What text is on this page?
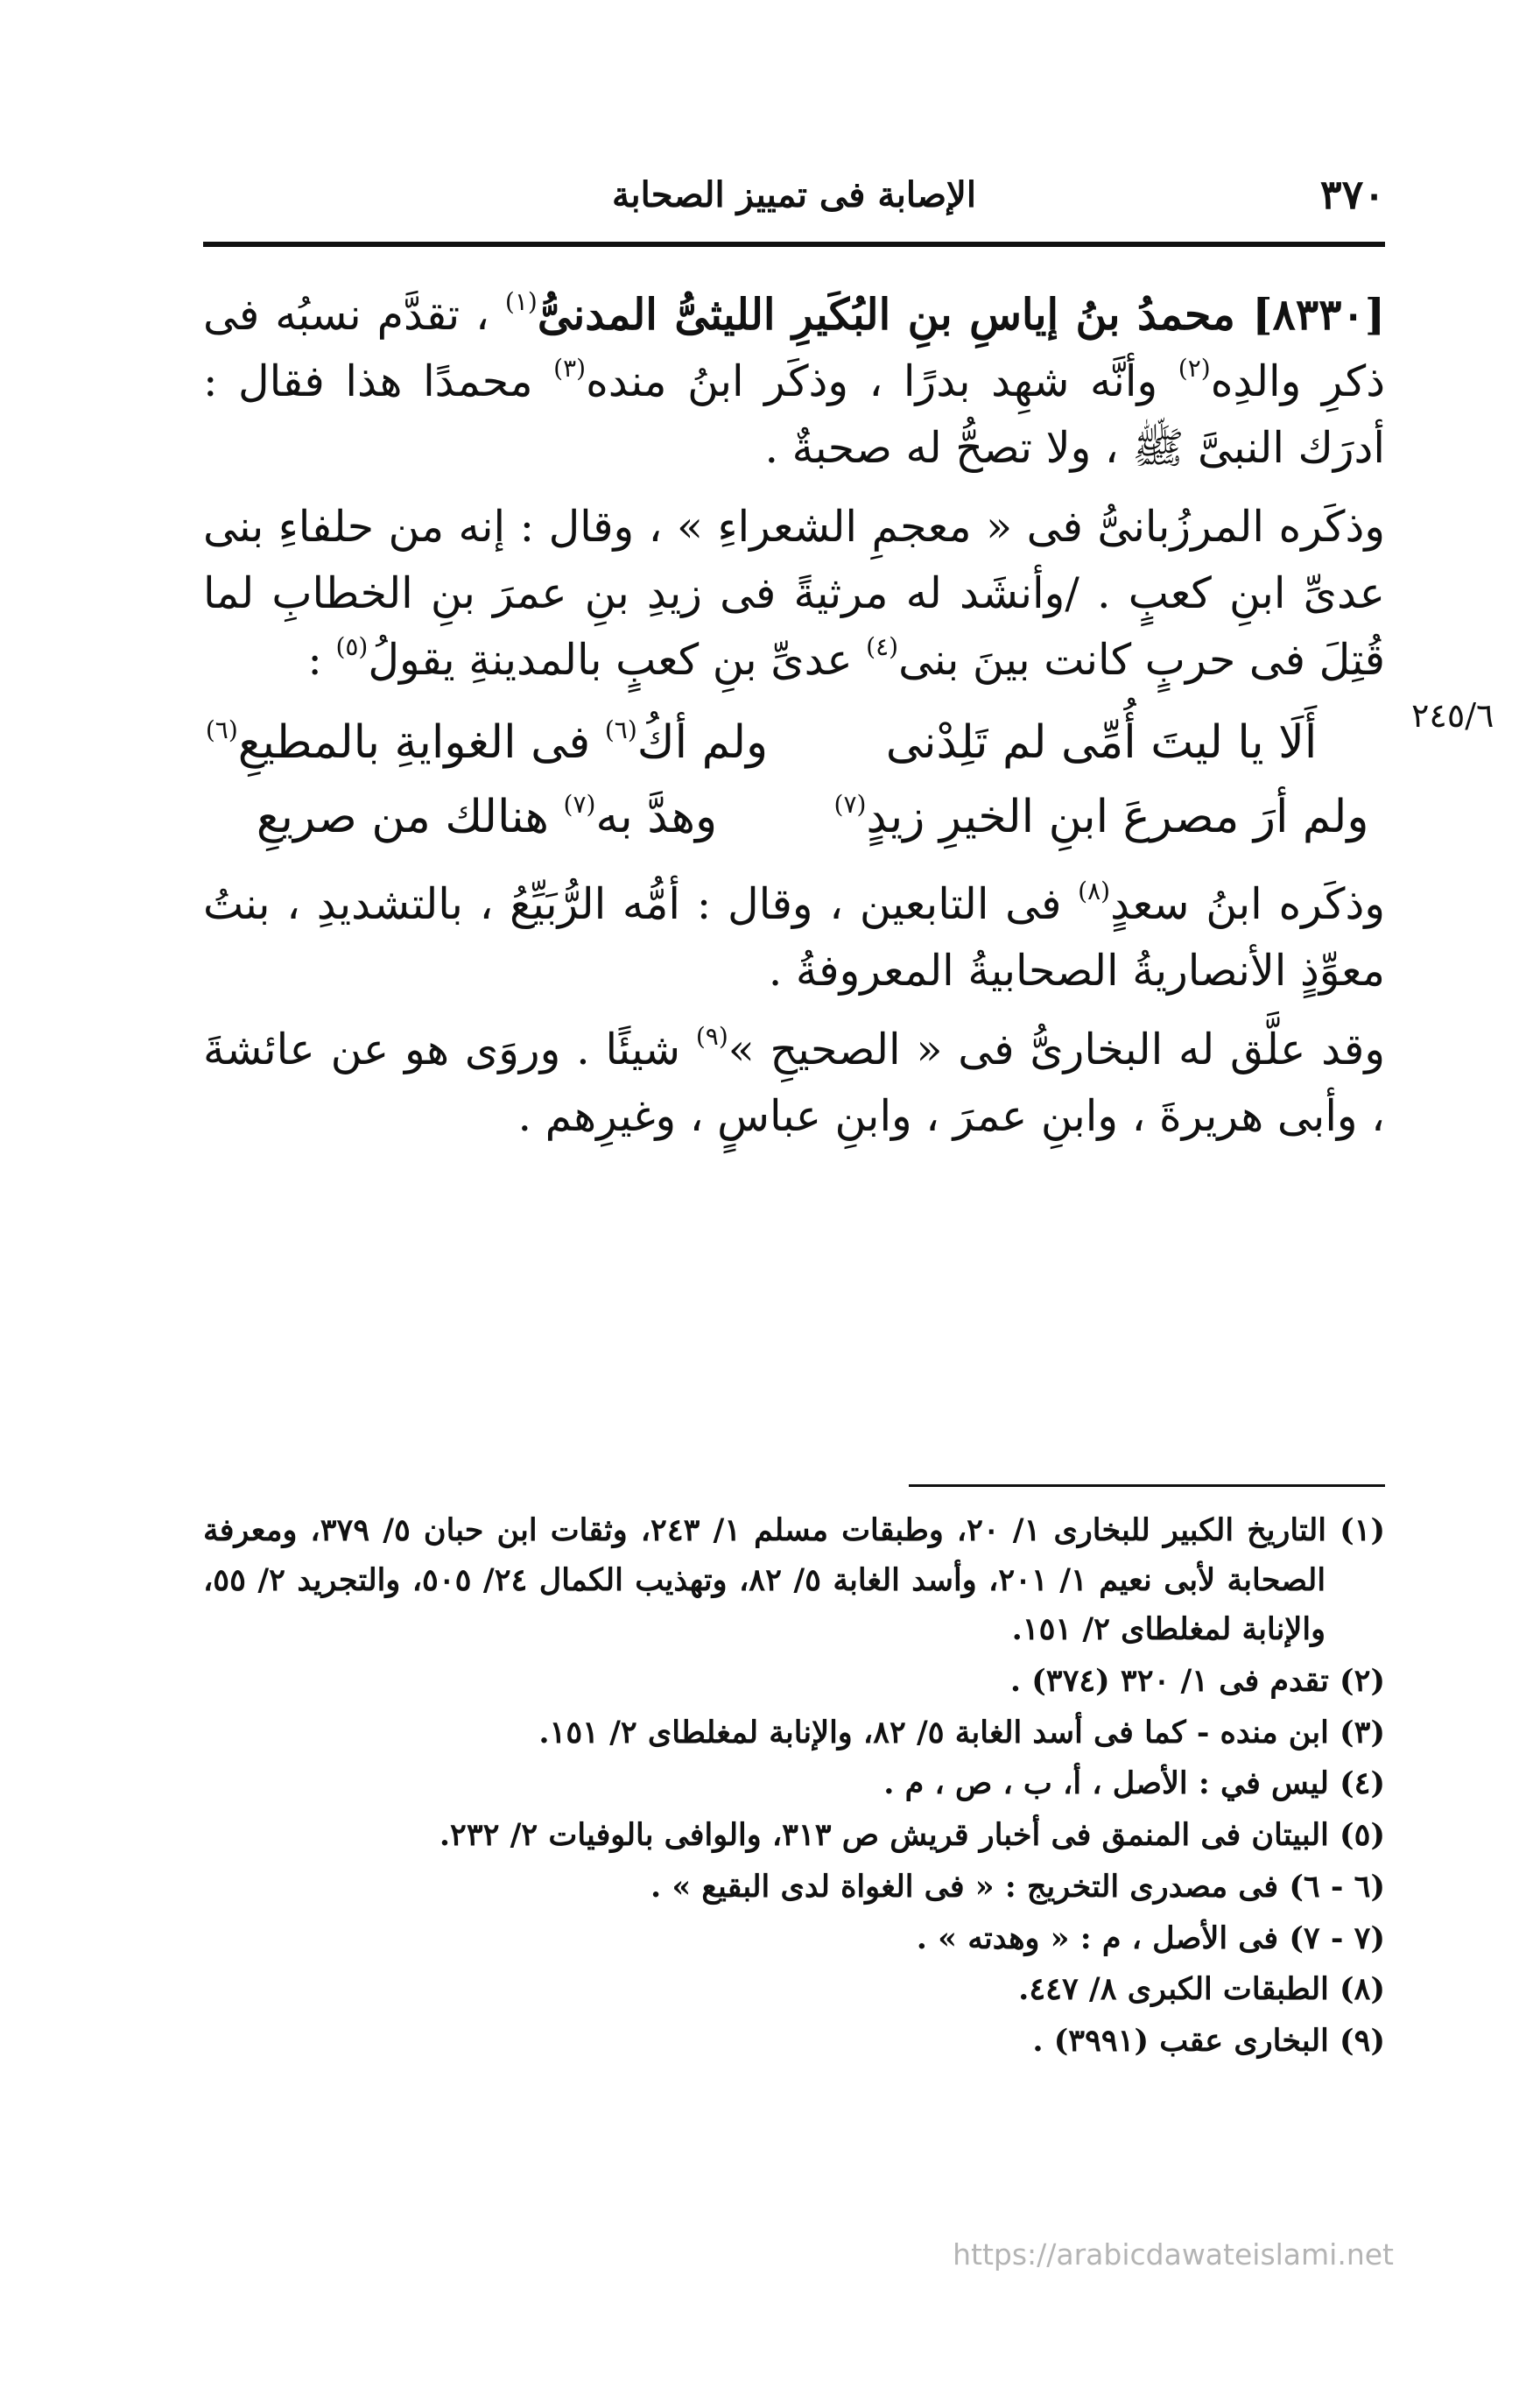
٣٧٠
الإصابة فى تمييز الصحابة
٢٤٥/٦

[٨٣٣٠] محمدُ بنُ إياسِ بنِ البُكَيرِ الليثىُّ المدنىُّ$^{(١)}$ ، تقدَّم نسبُه فى ذكرِ والدِه$^{(٢)}$ وأنَّه شهِد بدرًا ، وذكَر ابنُ منده$^{(٣)}$ محمدًا هذا فقال : أدرَك النبىَّ ﷺ ، ولا تصحُّ له صحبةٌ .

وذكَره المرزُبانىُّ فى « معجمِ الشعراءِ » ، وقال : إنه من حلفاءِ بنى عدىِّ ابنِ كعبٍ . /وأنشَد له مرثيةً فى زيدِ بنِ عمرَ بنِ الخطابِ لما قُتِلَ فى حربٍ كانت بينَ بنى$^{(٤)}$ عدىِّ بنِ كعبٍ بالمدينةِ يقولُ$^{(٥)}$ :

أَلَا يا ليتَ أُمِّى لم تَلِدْنى
ولم أكُ$^{(٦)}$ فى الغوايةِ بالمطيعِ$^{(٦)}$
ولم أرَ مصرعَ ابنِ الخيرِ زيدٍ$^{(٧)}$
وهدَّ به$^{(٧)}$ هنالك من صريعِ

وذكَره ابنُ سعدٍ$^{(٨)}$ فى التابعين ، وقال : أمُّه الرُّبَيِّعُ ، بالتشديدِ ، بنتُ معوِّذٍ الأنصاريةُ الصحابيةُ المعروفةُ .

وقد علَّق له البخارىُّ فى « الصحيحِ »$^{(٩)}$ شيئًا . وروَى هو عن عائشةَ ، وأبى هريرةَ ، وابنِ عمرَ ، وابنِ عباسٍ ، وغيرِهم .

(١) التاريخ الكبير للبخارى ١/ ٢٠، وطبقات مسلم ١/ ٢٤٣، وثقات ابن حبان ٥/ ٣٧٩، ومعرفة الصحابة لأبى نعيم ١/ ٢٠١، وأسد الغابة ٥/ ٨٢، وتهذيب الكمال ٢٤/ ٥٠٥، والتجريد ٢/ ٥٥، والإنابة لمغلطاى ٢/ ١٥١.

(٢) تقدم فى ١/ ٣٢٠ (٣٧٤) .

(٣) ابن منده - كما فى أسد الغابة ٥/ ٨٢، والإنابة لمغلطاى ٢/ ١٥١.

(٤) ليس في : الأصل ، أ، ب ، ص ، م .

(٥) البيتان فى المنمق فى أخبار قريش ص ٣١٣، والوافى بالوفيات ٢/ ٢٣٢.

(٦ - ٦) فى مصدرى التخريج : « فى الغواة لدى البقيع » .

(٧ - ٧) فى الأصل ، م : « وهدته » .

(٨) الطبقات الكبرى ٨/ ٤٤٧.

(٩) البخارى عقب (٣٩٩١) .

https://arabicdawateislami.net
